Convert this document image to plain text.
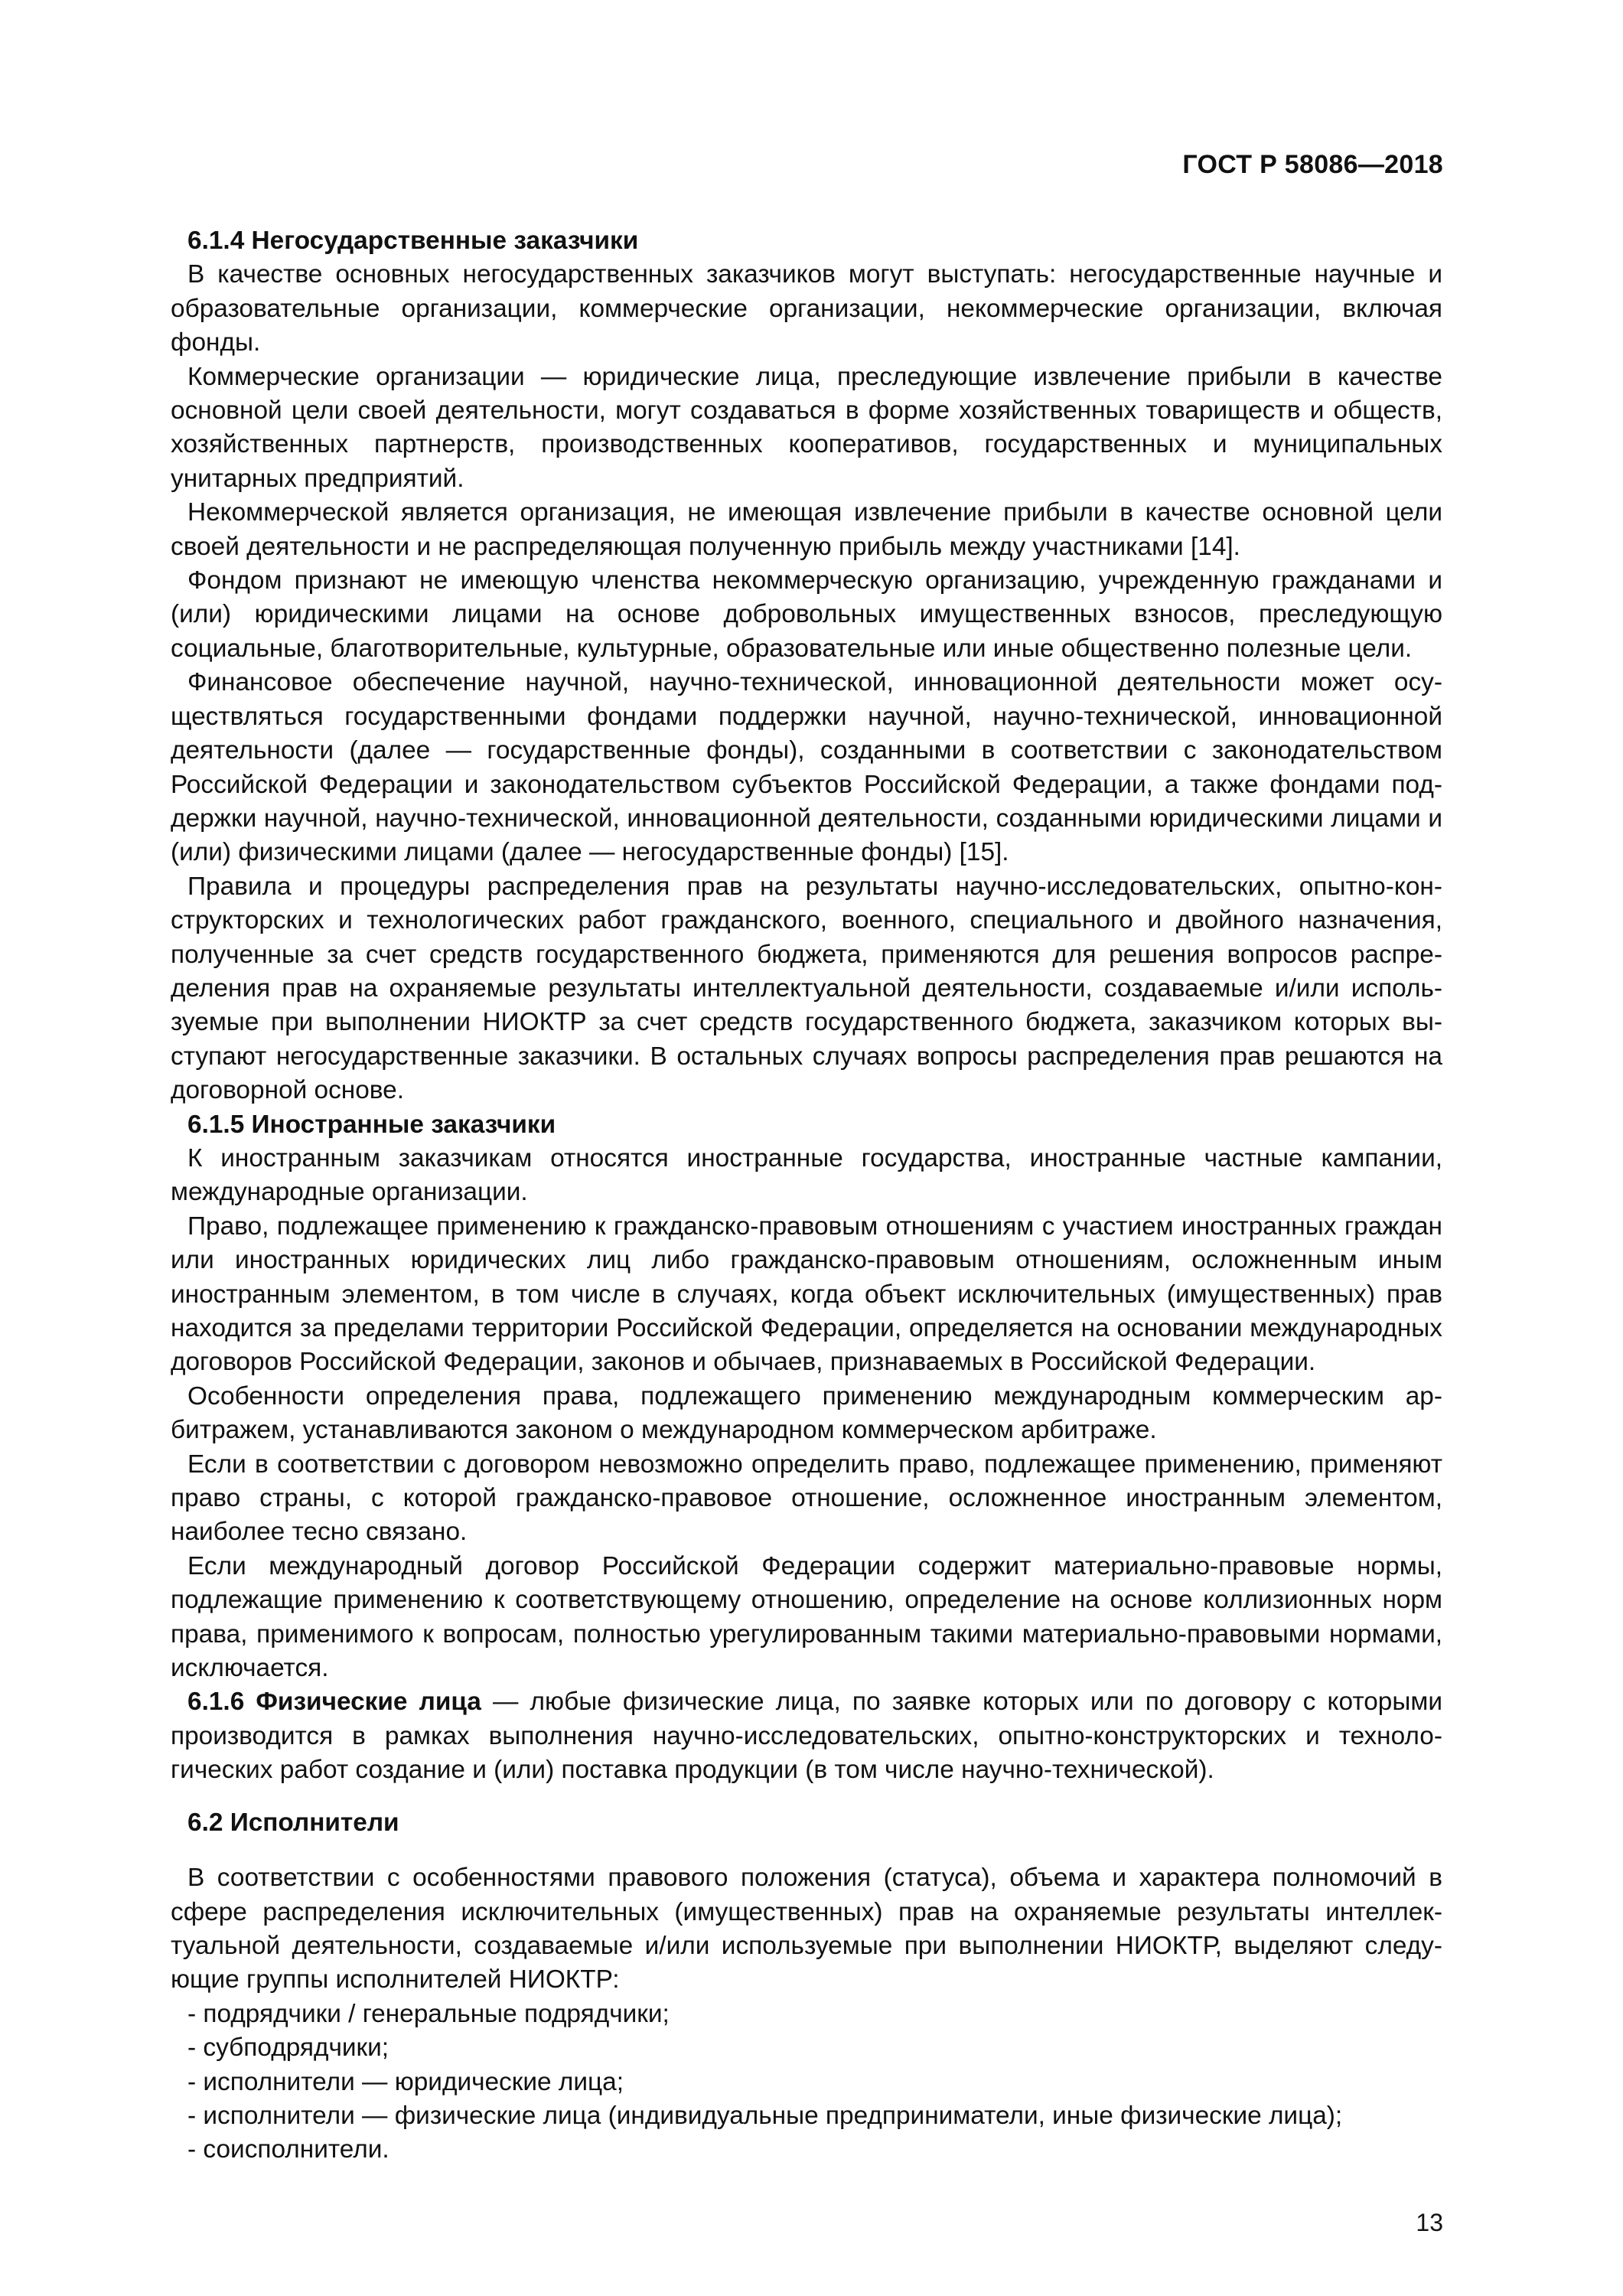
ГОСТ Р 58086—2018
6.1.4 Негосударственные заказчики

В качестве основных негосударственных заказчиков могут выступать: негосударственные научные и образовательные организации, коммерческие организации, некоммерческие организации, включая фонды.

Коммерческие организации — юридические лица, преследующие извлечение прибыли в качестве основной цели своей деятельности, могут создаваться в форме хозяйственных товариществ и обществ, хозяйственных партнерств, производственных кооперативов, государственных и муниципальных унитарных предприятий.

Некоммерческой является организация, не имеющая извлечение прибыли в качестве основной цели своей деятельности и не распределяющая полученную прибыль между участниками [14].

Фондом признают не имеющую членства некоммерческую организацию, учрежденную гражданами и (или) юридическими лицами на основе добровольных имущественных взносов, преследующую социальные, благотворительные, культурные, образовательные или иные общественно полезные цели.

Финансовое обеспечение научной, научно-технической, инновационной деятельности может осуществляться государственными фондами поддержки научной, научно-технической, инновационной деятельности (далее — государственные фонды), созданными в соответствии с законодательством Российской Федерации и законодательством субъектов Российской Федерации, а также фондами поддержки научной, научно-технической, инновационной деятельности, созданными юридическими лицами и (или) физическими лицами (далее — негосударственные фонды) [15].

Правила и процедуры распределения прав на результаты научно-исследовательских, опытно-конструкторских и технологических работ гражданского, военного, специального и двойного назначения, полученные за счет средств государственного бюджета, применяются для решения вопросов распределения прав на охраняемые результаты интеллектуальной деятельности, создаваемые и/или используемые при выполнении НИОКТР за счет средств государственного бюджета, заказчиком которых выступают негосударственные заказчики. В остальных случаях вопросы распределения прав решаются на договорной основе.

6.1.5 Иностранные заказчики

К иностранным заказчикам относятся иностранные государства, иностранные частные кампании, международные организации.

Право, подлежащее применению к гражданско-правовым отношениям с участием иностранных граждан или иностранных юридических лиц либо гражданско-правовым отношениям, осложненным иным иностранным элементом, в том числе в случаях, когда объект исключительных (имущественных) прав находится за пределами территории Российской Федерации, определяется на основании международных договоров Российской Федерации, законов и обычаев, признаваемых в Российской Федерации.

Особенности определения права, подлежащего применению международным коммерческим арбитражем, устанавливаются законом о международном коммерческом арбитраже.

Если в соответствии с договором невозможно определить право, подлежащее применению, применяют право страны, с которой гражданско-правовое отношение, осложненное иностранным элементом, наиболее тесно связано.

Если международный договор Российской Федерации содержит материально-правовые нормы, подлежащие применению к соответствующему отношению, определение на основе коллизионных норм права, применимого к вопросам, полностью урегулированным такими материально-правовыми нормами, исключается.

6.1.6 Физические лица — любые физические лица, по заявке которых или по договору с которыми производится в рамках выполнения научно-исследовательских, опытно-конструкторских и технологических работ создание и (или) поставка продукции (в том числе научно-технической).

6.2 Исполнители

В соответствии с особенностями правового положения (статуса), объема и характера полномочий в сфере распределения исключительных (имущественных) прав на охраняемые результаты интеллектуальной деятельности, создаваемые и/или используемые при выполнении НИОКТР, выделяют следующие группы исполнителей НИОКТР:

- подрядчики / генеральные подрядчики;
- субподрядчики;
- исполнители — юридические лица;
- исполнители — физические лица (индивидуальные предприниматели, иные физические лица);
- соисполнители.
13
